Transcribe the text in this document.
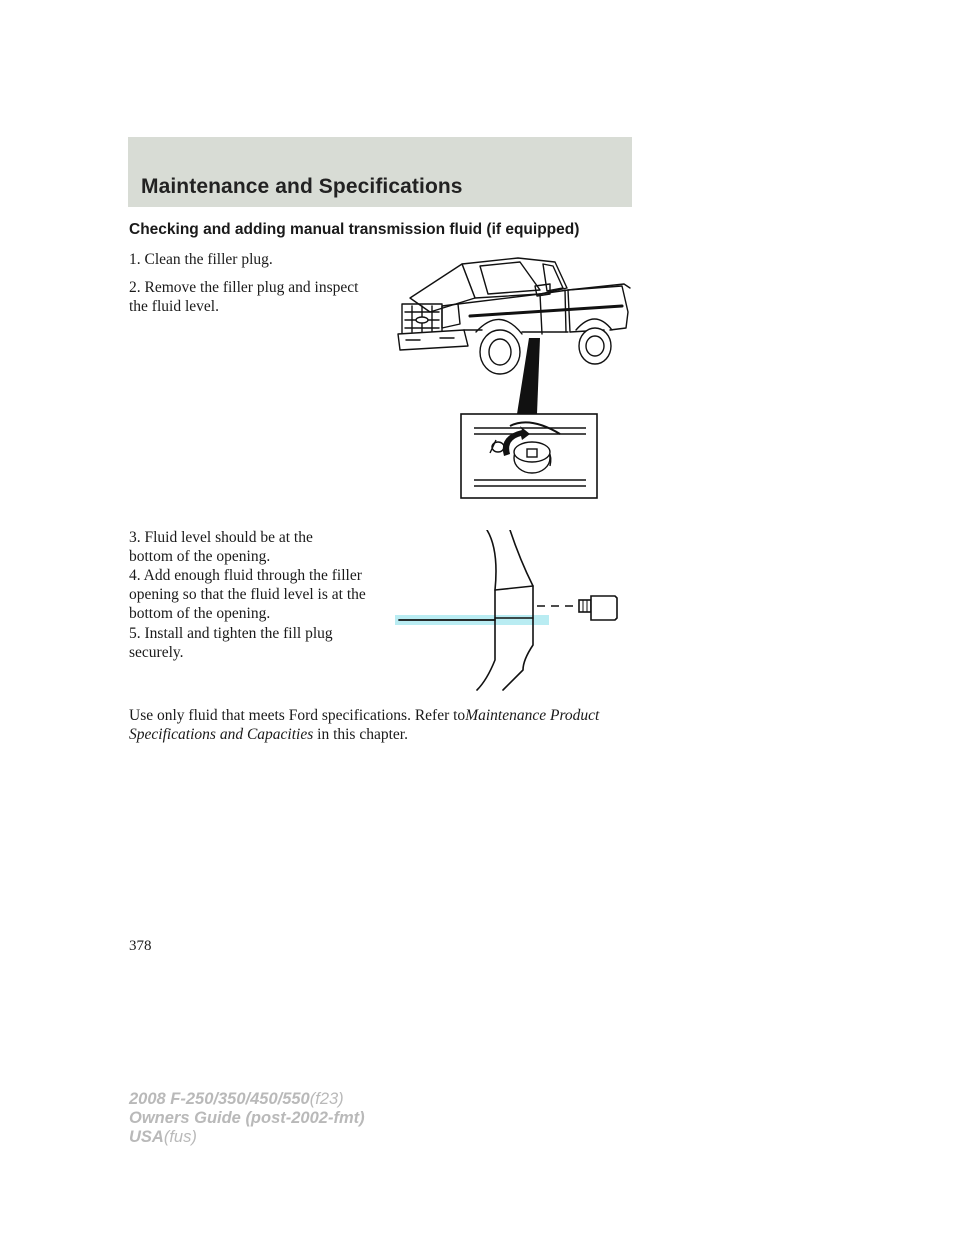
Maintenance and Specifications
Checking and adding manual transmission fluid (if equipped)

1. Clean the filler plug.

2. Remove the filler plug and inspect the fluid level.

3. Fluid level should be at the bottom of the opening.

4. Add enough fluid through the filler opening so that the fluid level is at the bottom of the opening.

5. Install and tighten the fill plug securely.

Use only fluid that meets Ford specifications. Refer toMaintenance Product Specifications and Capacities in this chapter.

378

2008 F-250/350/450/550(f23)
Owners Guide (post-2002-fmt)
USA(fus)
